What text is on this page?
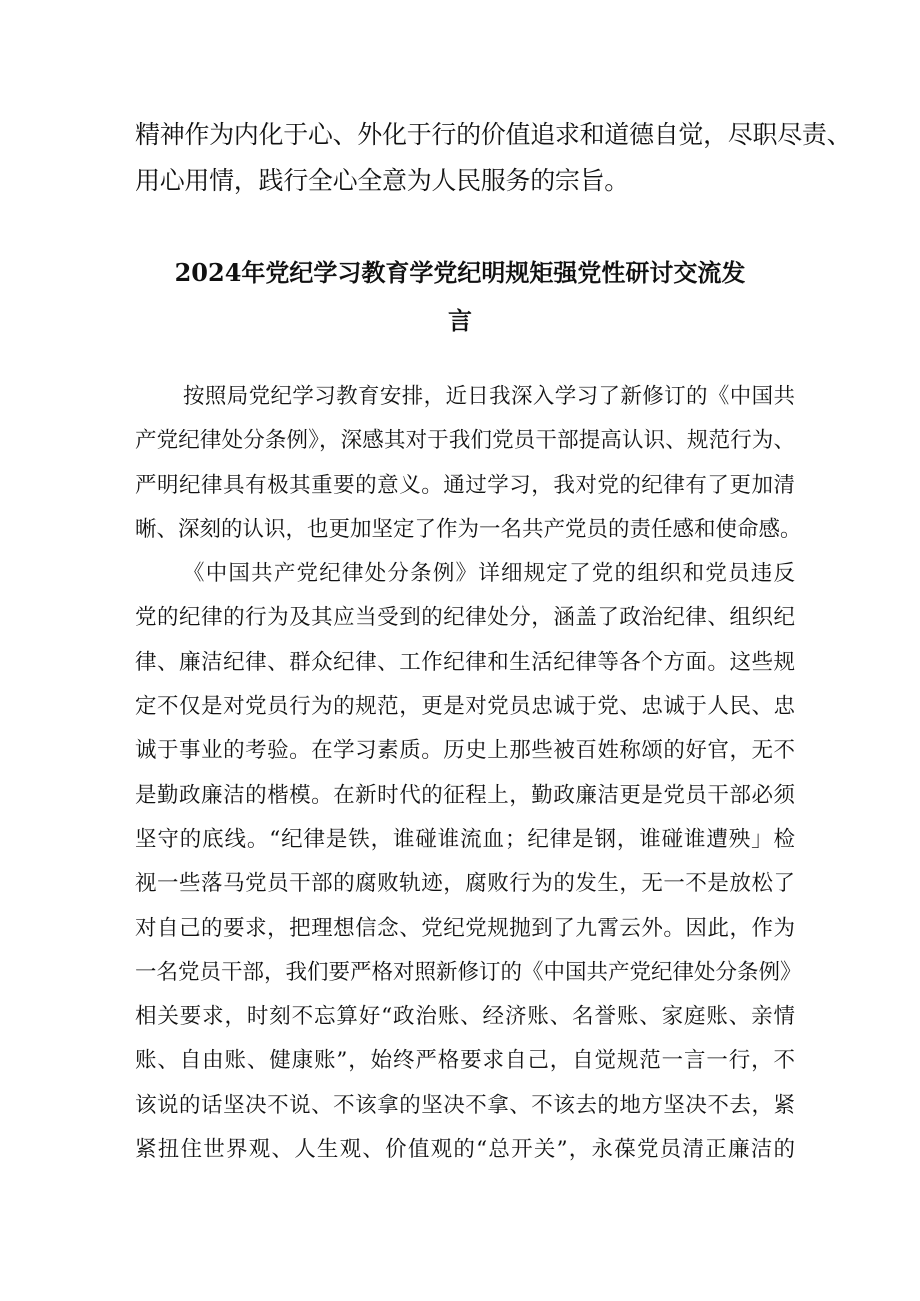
精神作为内化于心、外化于行的价值追求和道德自觉，尽职尽责、
用心用情，践行全心全意为人民服务的宗旨。

2024年党纪学习教育学党纪明规矩强党性研讨交流发
言
按照局党纪学习教育安排，近日我深入学习了新修订的《中国共
产党纪律处分条例》，深感其对于我们党员干部提高认识、规范行为、
严明纪律具有极其重要的意义。通过学习，我对党的纪律有了更加清
晰、深刻的认识，也更加坚定了作为一名共产党员的责任感和使命感。
《中国共产党纪律处分条例》详细规定了党的组织和党员违反
党的纪律的行为及其应当受到的纪律处分，涵盖了政治纪律、组织纪
律、廉洁纪律、群众纪律、工作纪律和生活纪律等各个方面。这些规
定不仅是对党员行为的规范，更是对党员忠诚于党、忠诚于人民、忠
诚于事业的考验。在学习素质。历史上那些被百姓称颂的好官，无不
是勤政廉洁的楷模。在新时代的征程上，勤政廉洁更是党员干部必须
坚守的底线。“纪律是铁，谁碰谁流血；纪律是钢，谁碰谁遭殃」检
视一些落马党员干部的腐败轨迹，腐败行为的发生，无一不是放松了
对自己的要求，把理想信念、党纪党规抛到了九霄云外。因此，作为
一名党员干部，我们要严格对照新修订的《中国共产党纪律处分条例》
相关要求，时刻不忘算好“政治账、经济账、名誉账、家庭账、亲情
账、自由账、健康账”，始终严格要求自己，自觉规范一言一行，不
该说的话坚决不说、不该拿的坚决不拿、不该去的地方坚决不去，紧
紧扭住世界观、人生观、价值观的“总开关”，永葆党员清正廉洁的
